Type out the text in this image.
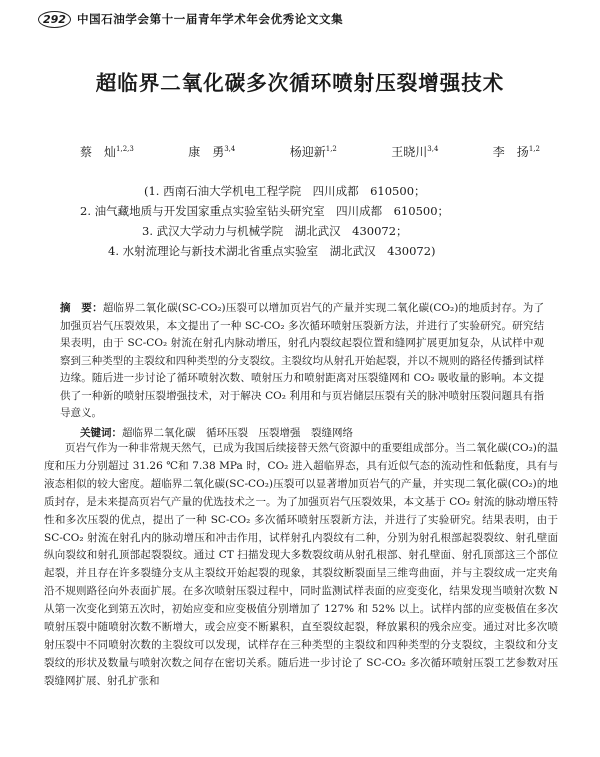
292 中国石油学会第十一届青年学术年会优秀论文文集
超临界二氧化碳多次循环喷射压裂增强技术
蔡　灿$^{1,2,3}$	康　勇$^{3,4}$	杨迎新$^{1,2}$	王晓川$^{3,4}$	李　扬$^{1,2}$
(1. 西南石油大学机电工程学院　四川成都　610500；
2. 油气藏地质与开发国家重点实验室钻头研究室　四川成都　610500；
3. 武汉大学动力与机械学院　湖北武汉　430072；
4. 水射流理论与新技术湖北省重点实验室　湖北武汉　430072)
摘　要：超临界二氧化碳(SC-CO₂)压裂可以增加页岩气的产量并实现二氧化碳(CO₂)的地质封存。为了加强页岩气压裂效果，本文提出了一种 SC-CO₂ 多次循环喷射压裂新方法，并进行了实验研究。研究结果表明，由于 SC-CO₂ 射流在射孔内脉动增压，射孔内裂纹起裂位置和缝网扩展更加复杂，从试样中观察到三种类型的主裂纹和四种类型的分支裂纹。主裂纹均从射孔开始起裂，并以不规则的路径传播到试样边缘。随后进一步讨论了循环喷射次数、喷射压力和喷射距离对压裂缝网和 CO₂ 吸收量的影响。本文提供了一种新的喷射压裂增强技术，对于解决 CO₂ 利用和与页岩储层压裂有关的脉冲喷射压裂问题具有指导意义。
关键词：超临界二氧化碳　循环压裂　压裂增强　裂缝网络

页岩气作为一种非常规天然气，已成为我国后续接替天然气资源中的重要组成部分。当二氧化碳(CO₂)的温度和压力分别超过 31.26 ℃和 7.38 MPa 时，CO₂ 进入超临界态，具有近似气态的流动性和低黏度，具有与液态相似的较大密度。超临界二氧化碳(SC-CO₂)压裂可以显著增加页岩气的产量，并实现二氧化碳(CO₂)的地质封存，是未来提高页岩气产量的优选技术之一。为了加强页岩气压裂效果，本文基于 CO₂ 射流的脉动增压特性和多次压裂的优点，提出了一种 SC-CO₂ 多次循环喷射压裂新方法，并进行了实验研究。结果表明，由于 SC-CO₂ 射流在射孔内的脉动增压和冲击作用，试样射孔内裂纹有二种，分别为射孔根部起裂裂纹、射孔壁面纵向裂纹和射孔顶部起裂裂纹。通过 CT 扫描发现大多数裂纹萌从射孔根部、射孔壁面、射孔顶部这三个部位起裂，并且存在许多裂缝分支从主裂纹开始起裂的现象，其裂纹断裂面呈三维弯曲面，并与主裂纹成一定夹角沿不规则路径向外表面扩展。在多次喷射压裂过程中，同时监测试样表面的应变变化，结果发现当喷射次数 N 从第一次变化到第五次时，初始应变和应变极值分别增加了 127% 和 52% 以上。试样内部的应变极值在多次喷射压裂中随喷射次数不断增大，或会应变不断累积，直至裂纹起裂，释放累积的残余应变。通过对比多次喷射压裂中不同喷射次数的主裂纹可以发现，试样存在三种类型的主裂纹和四种类型的分支裂纹，主裂纹和分支裂纹的形状及数量与喷射次数之间存在密切关系。随后进一步讨论了 SC-CO₂ 多次循环喷射压裂工艺参数对压裂缝网扩展、射孔扩张和
